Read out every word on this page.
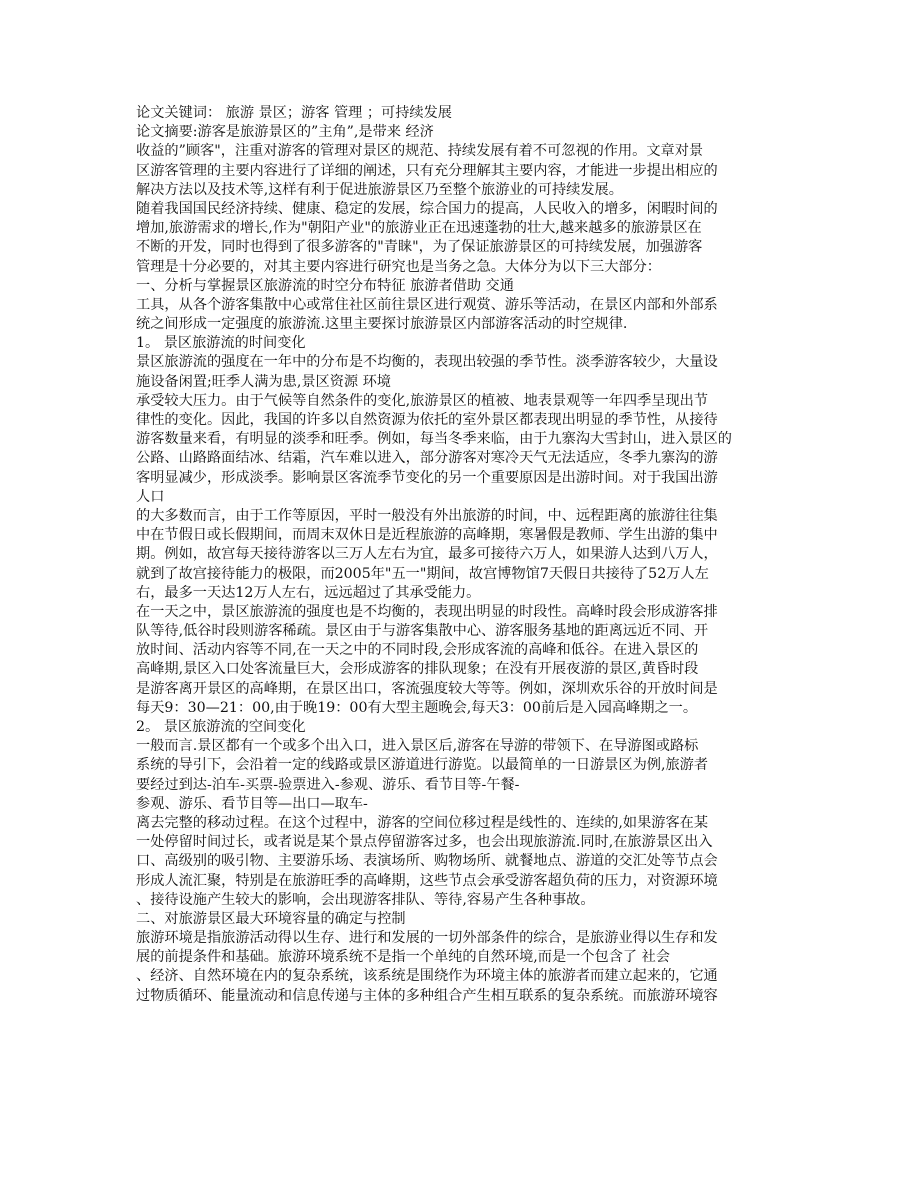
论文关键词： 旅游 景区；游客 管理 ；可持续发展
论文摘要:游客是旅游景区的”主角”,是带来 经济
收益的”顾客"，注重对游客的管理对景区的规范、持续发展有着不可忽视的作用。文章对景
区游客管理的主要内容进行了详细的阐述，只有充分理解其主要内容，才能进一步提出相应的
解决方法以及技术等,这样有利于促进旅游景区乃至整个旅游业的可持续发展。
随着我国国民经济持续、健康、稳定的发展，综合国力的提高，人民收入的增多，闲暇时间的
增加,旅游需求的增长,作为"朝阳产业"的旅游业正在迅速蓬勃的壮大,越来越多的旅游景区在
不断的开发，同时也得到了很多游客的"青睐"，为了保证旅游景区的可持续发展，加强游客
管理是十分必要的，对其主要内容进行研究也是当务之急。大体分为以下三大部分：
一、分析与掌握景区旅游流的时空分布特征 旅游者借助 交通
工具，从各个游客集散中心或常住社区前往景区进行观赏、游乐等活动，在景区内部和外部系
统之间形成一定强度的旅游流.这里主要探讨旅游景区内部游客活动的时空规律.
1。 景区旅游流的时间变化
景区旅游流的强度在一年中的分布是不均衡的，表现出较强的季节性。淡季游客较少，大量设
施设备闲置;旺季人满为患,景区资源 环境
承受较大压力。由于气候等自然条件的变化,旅游景区的植被、地表景观等一年四季呈现出节
律性的变化。因此，我国的许多以自然资源为依托的室外景区都表现出明显的季节性，从接待
游客数量来看，有明显的淡季和旺季。例如，每当冬季来临，由于九寨沟大雪封山，进入景区的
公路、山路路面结冰、结霜，汽车难以进入，部分游客对寒冷天气无法适应，冬季九寨沟的游
客明显减少，形成淡季。影响景区客流季节变化的另一个重要原因是出游时间。对于我国出游
人口
的大多数而言，由于工作等原因，平时一般没有外出旅游的时间，中、远程距离的旅游往往集
中在节假日或长假期间，而周末双休日是近程旅游的高峰期，寒暑假是教师、学生出游的集中
期。例如，故宫每天接待游客以三万人左右为宜，最多可接待六万人，如果游人达到八万人，
就到了故宫接待能力的极限，而2005年"五一"期间，故宫博物馆7天假日共接待了52万人左
右，最多一天达12万人左右，远远超过了其承受能力。
在一天之中，景区旅游流的强度也是不均衡的，表现出明显的时段性。高峰时段会形成游客排
队等待,低谷时段则游客稀疏。景区由于与游客集散中心、游客服务基地的距离远近不同、开
放时间、活动内容等不同,在一天之中的不同时段,会形成客流的高峰和低谷。在进入景区的
高峰期,景区入口处客流量巨大，会形成游客的排队现象；在没有开展夜游的景区,黄昏时段
是游客离开景区的高峰期，在景区出口，客流强度较大等等。例如，深圳欢乐谷的开放时间是
每天9：30—21：00,由于晚19：00有大型主题晚会,每天3：00前后是入园高峰期之一。
2。 景区旅游流的空间变化
一般而言.景区都有一个或多个出入口，进入景区后,游客在导游的带领下、在导游图或路标
系统的导引下，会沿着一定的线路或景区游道进行游览。以最简单的一日游景区为例,旅游者
要经过到达-泊车-买票-验票进入-参观、游乐、看节目等-午餐-
参观、游乐、看节目等—出口—取车-
离去完整的移动过程。在这个过程中，游客的空间位移过程是线性的、连续的,如果游客在某
一处停留时间过长，或者说是某个景点停留游客过多，也会出现旅游流.同时,在旅游景区出入
口、高级别的吸引物、主要游乐场、表演场所、购物场所、就餐地点、游道的交汇处等节点会
形成人流汇聚，特别是在旅游旺季的高峰期，这些节点会承受游客超负荷的压力，对资源环境
、接待设施产生较大的影响，会出现游客排队、等待,容易产生各种事故。
二、对旅游景区最大环境容量的确定与控制
旅游环境是指旅游活动得以生存、进行和发展的一切外部条件的综合，是旅游业得以生存和发
展的前提条件和基础。旅游环境系统不是指一个单纯的自然环境,而是一个包含了 社会
、经济、自然环境在内的复杂系统，该系统是围绕作为环境主体的旅游者而建立起来的，它通
过物质循环、能量流动和信息传递与主体的多种组合产生相互联系的复杂系统。而旅游环境容
